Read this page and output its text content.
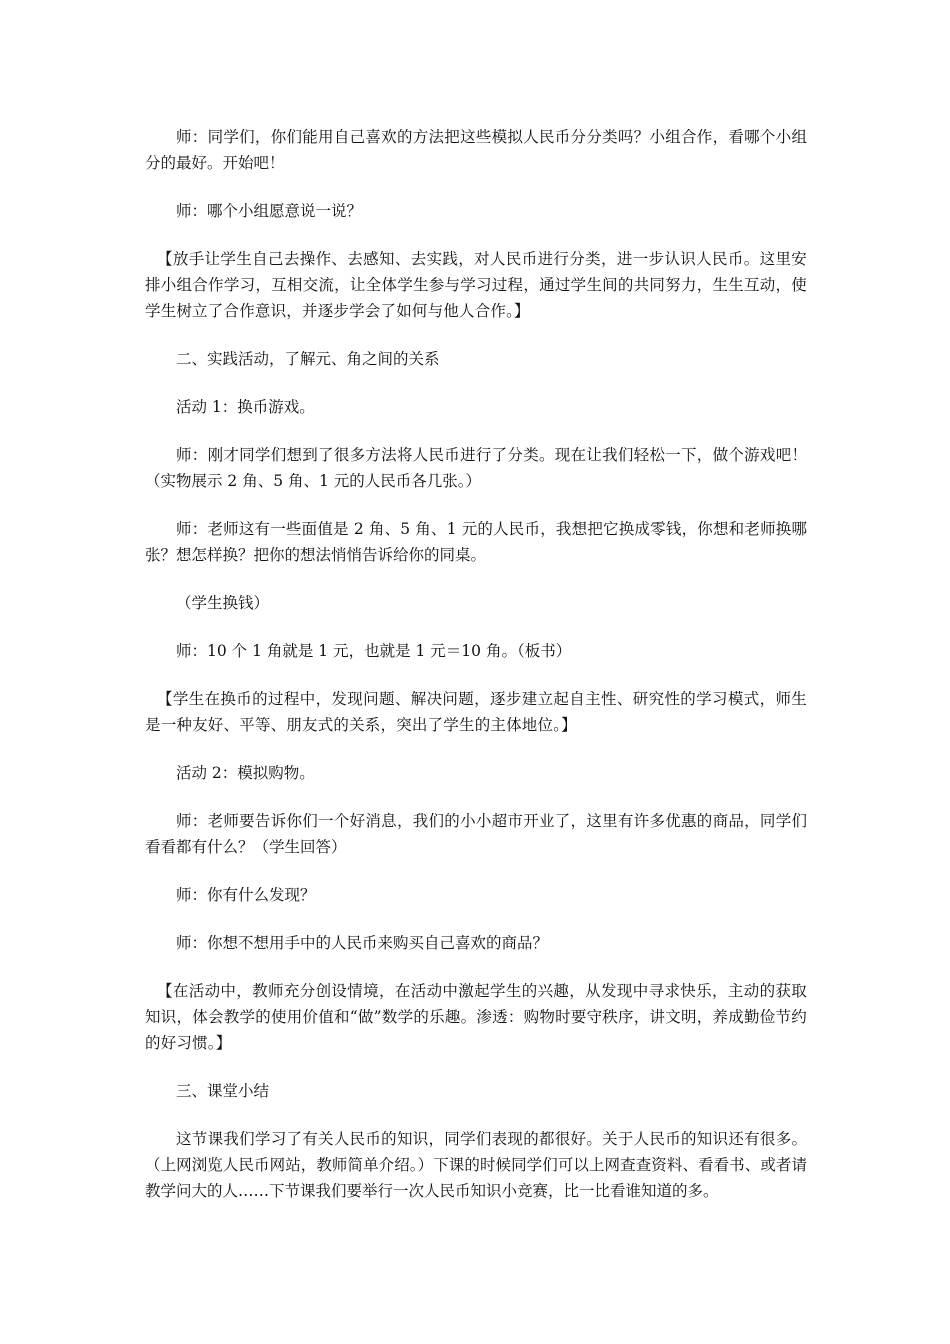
师：同学们，你们能用自己喜欢的方法把这些模拟人民币分分类吗？小组合作，看哪个小组分的最好。开始吧！

师：哪个小组愿意说一说？

【放手让学生自己去操作、去感知、去实践，对人民币进行分类，进一步认识人民币。这里安排小组合作学习，互相交流，让全体学生参与学习过程，通过学生间的共同努力，生生互动，使学生树立了合作意识，并逐步学会了如何与他人合作。】

二、实践活动，了解元、角之间的关系

活动 1：换币游戏。

师：刚才同学们想到了很多方法将人民币进行了分类。现在让我们轻松一下，做个游戏吧！（实物展示 2 角、5 角、1 元的人民币各几张。）

师：老师这有一些面值是 2 角、5 角、1 元的人民币，我想把它换成零钱，你想和老师换哪张？想怎样换？把你的想法悄悄告诉给你的同桌。

（学生换钱）

师：10 个 1 角就是 1 元，也就是 1 元＝10 角。（板书）

【学生在换币的过程中，发现问题、解决问题，逐步建立起自主性、研究性的学习模式，师生是一种友好、平等、朋友式的关系，突出了学生的主体地位。】

活动 2：模拟购物。

师：老师要告诉你们一个好消息，我们的小小超市开业了，这里有许多优惠的商品，同学们看看都有什么？（学生回答）

师：你有什么发现？

师：你想不想用手中的人民币来购买自己喜欢的商品？

【在活动中，教师充分创设情境，在活动中激起学生的兴趣，从发现中寻求快乐，主动的获取知识，体会教学的使用价值和“做”数学的乐趣。渗透：购物时要守秩序，讲文明，养成勤俭节约的好习惯。】

三、课堂小结

这节课我们学习了有关人民币的知识，同学们表现的都很好。关于人民币的知识还有很多。（上网浏览人民币网站，教师简单介绍。）下课的时候同学们可以上网查查资料、看看书、或者请教学问大的人……下节课我们要举行一次人民币知识小竞赛，比一比看谁知道的多。
